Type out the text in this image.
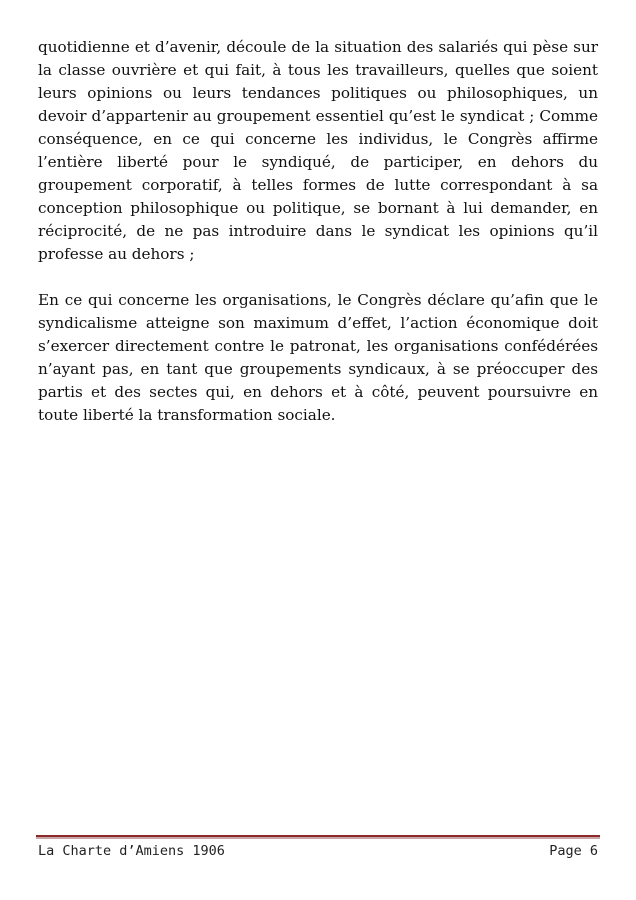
quotidienne et d’avenir, découle de la situation des salariés qui pèse sur la classe ouvrière et qui fait, à tous les travailleurs, quelles que soient leurs opinions ou leurs tendances politiques ou philosophiques, un devoir d’appartenir au groupement essentiel qu’est le syndicat ; Comme conséquence, en ce qui concerne les individus, le Congrès affirme l’entière liberté pour le syndiqué, de participer, en dehors du groupement corporatif, à telles formes de lutte correspondant à sa conception philosophique ou politique, se bornant à lui demander, en réciprocité, de ne pas introduire dans le syndicat les opinions qu’il professe au dehors ;

En ce qui concerne les organisations, le Congrès déclare qu’afin que le syndicalisme atteigne son maximum d’effet, l’action économique doit s’exercer directement contre le patronat, les organisations confédérées n’ayant pas, en tant que groupements syndicaux, à se préoccuper des partis et des sectes qui, en dehors et à côté, peuvent poursuivre en toute liberté la transformation sociale.

La Charte d’Amiens 1906	Page 6
